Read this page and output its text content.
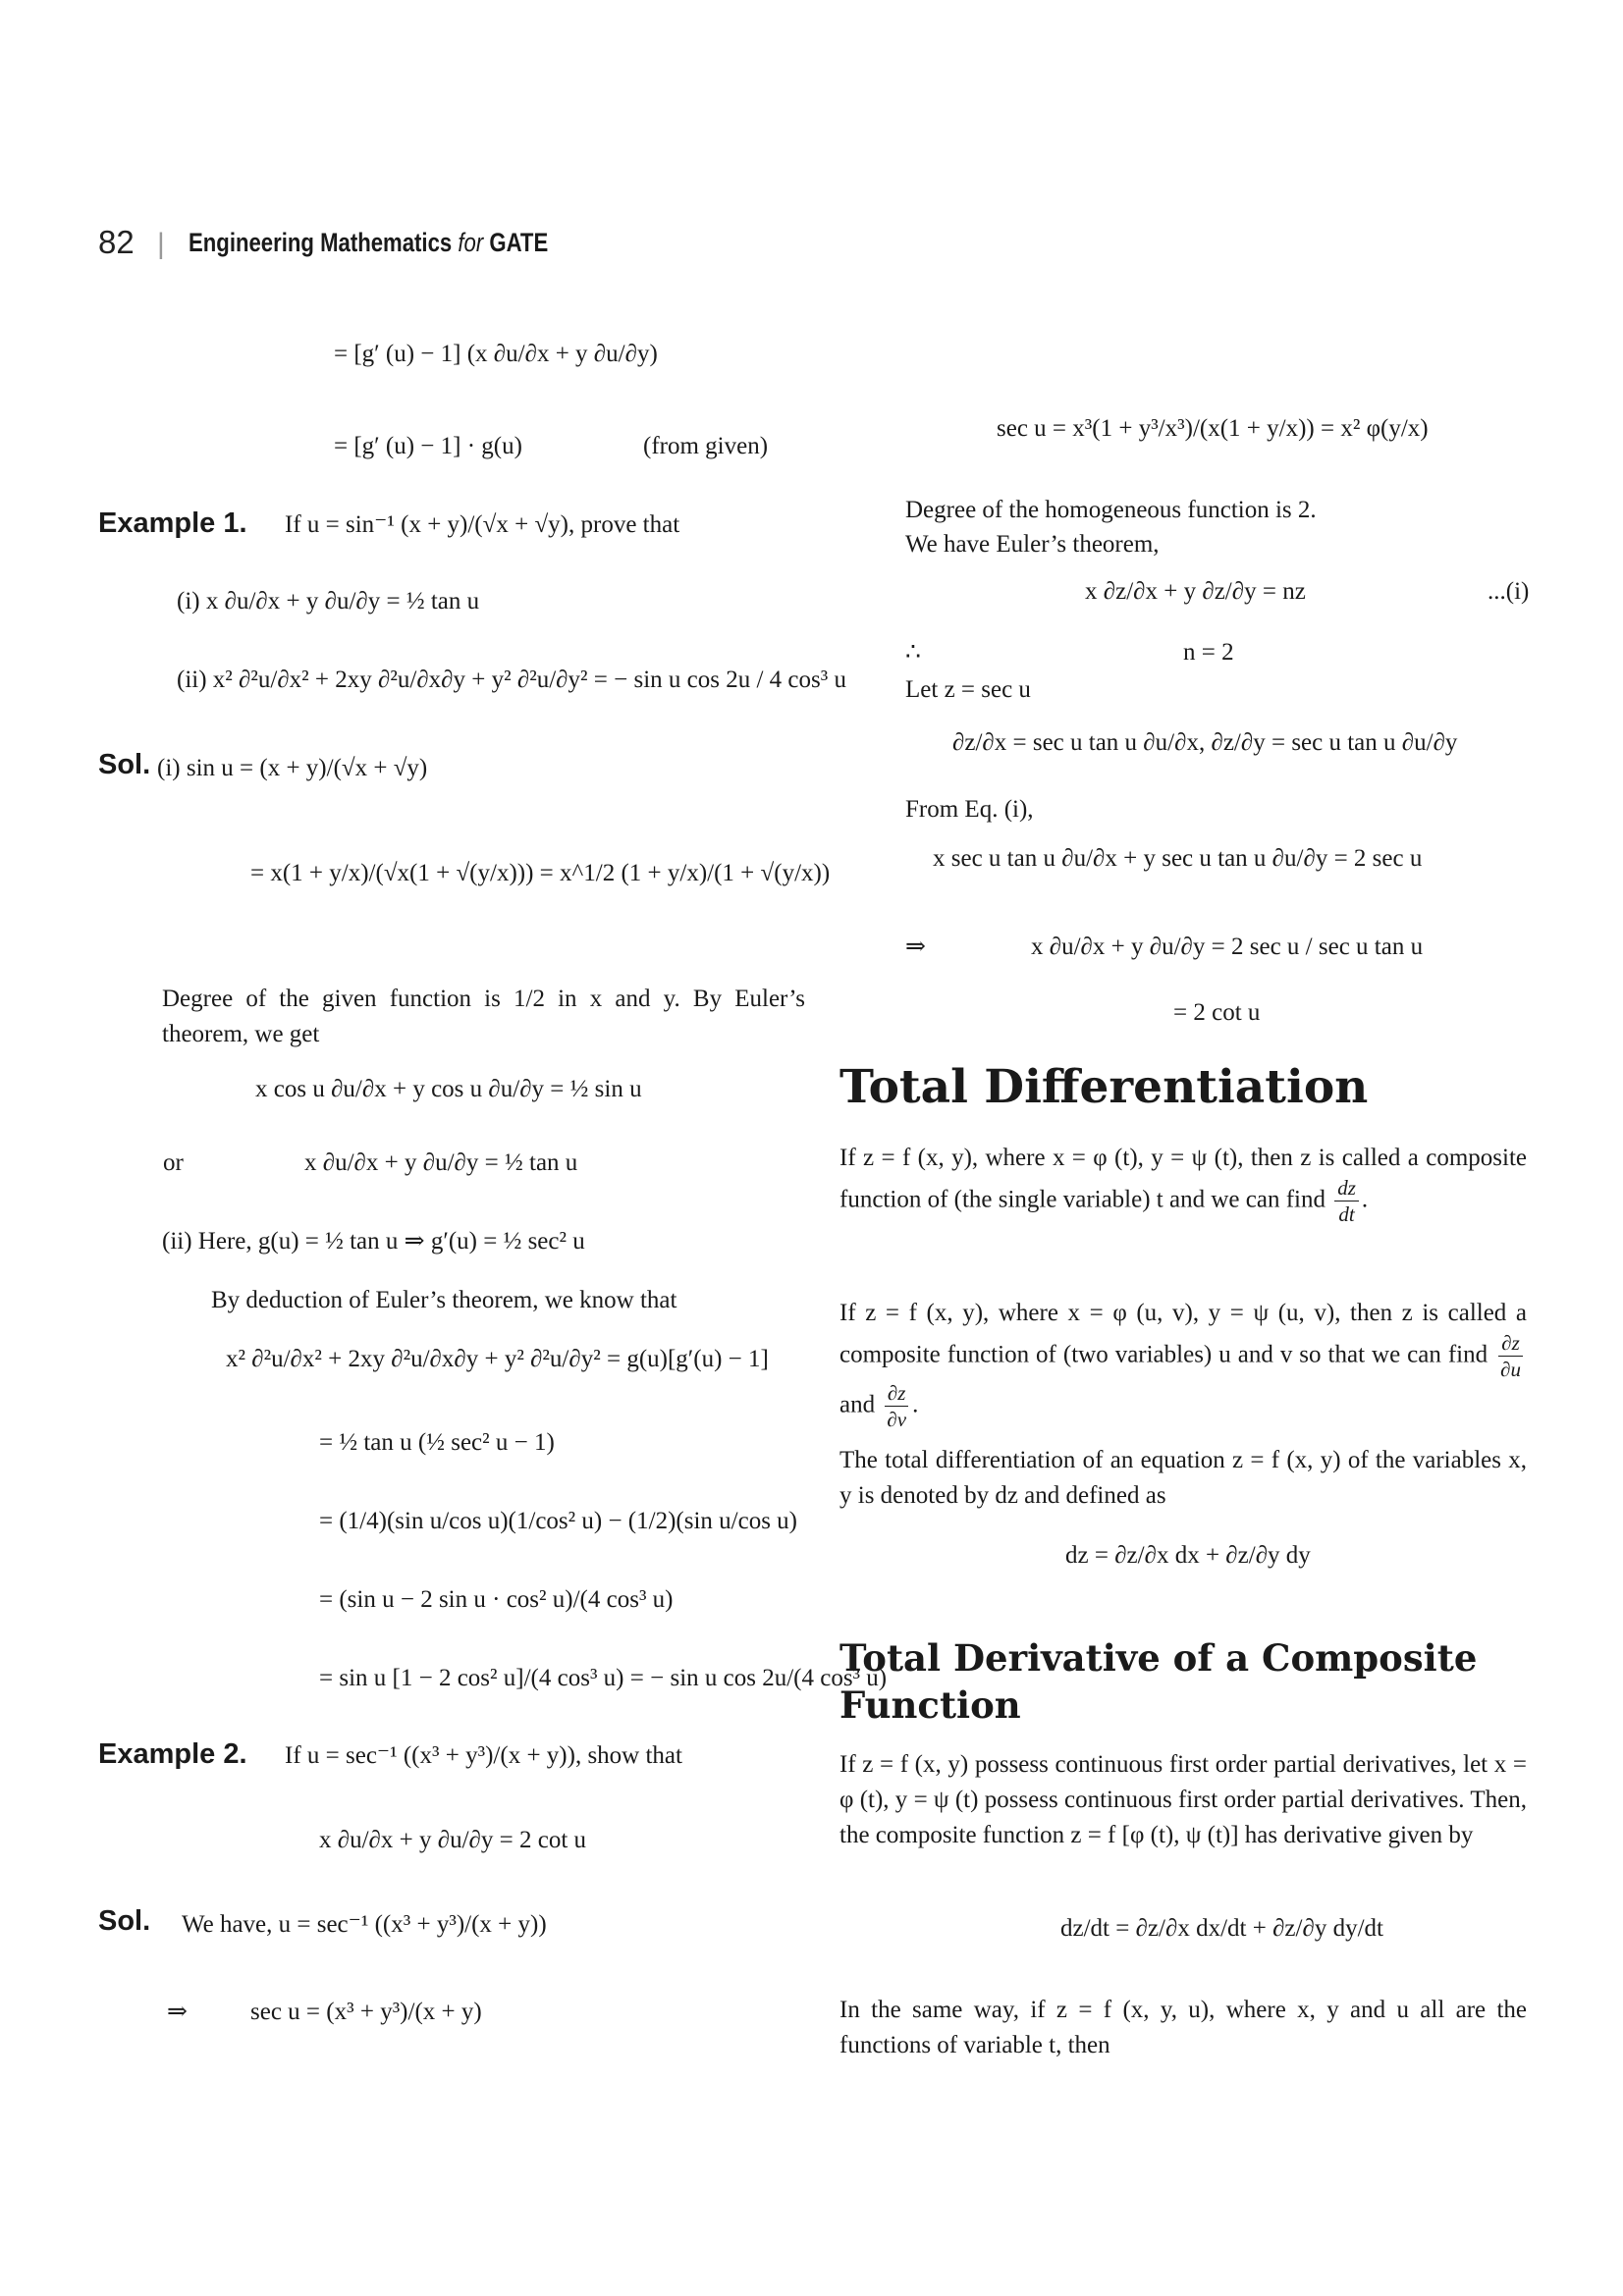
82 | Engineering Mathematics for GATE
= [g′ (u) − 1] (x ∂u/∂x + y ∂u/∂y)
= [g′ (u) − 1] · g(u)	(from given)
Example 1. If u = sin⁻¹ (x + y)/(√x + √y), prove that
(i) x ∂u/∂x + y ∂u/∂y = ½ tan u
(ii) x² ∂²u/∂x² + 2xy ∂²u/∂x∂y + y² ∂²u/∂y² = − sin u cos 2u / 4 cos³ u
Sol. (i) sin u = (x + y)/(√x + √y)
= x(1 + y/x)/(√x(1 + √(y/x))) = x^1/2 (1 + y/x)/(1 + √(y/x))
Degree of the given function is 1/2 in x and y. By Euler’s theorem, we get
x cos u ∂u/∂x + y cos u ∂u/∂y = ½ sin u
or	x ∂u/∂x + y ∂u/∂y = ½ tan u
(ii) Here, g(u) = ½ tan u ⇒ g′(u) = ½ sec² u
By deduction of Euler’s theorem, we know that
x² ∂²u/∂x² + 2xy ∂²u/∂x∂y + y² ∂²u/∂y² = g(u)[g′(u) − 1]
= ½ tan u (½ sec² u − 1)
= (1/4)(sin u/cos u)(1/cos² u) − (1/2)(sin u/cos u)
= (sin u − 2 sin u · cos² u)/(4 cos³ u)
= sin u [1 − 2 cos² u]/(4 cos³ u) = − sin u cos 2u/(4 cos³ u)
Example 2. If u = sec⁻¹ ((x³ + y³)/(x + y)), show that
x ∂u/∂x + y ∂u/∂y = 2 cot u
Sol. We have, u = sec⁻¹ ((x³ + y³)/(x + y))
⇒	sec u = (x³ + y³)/(x + y)
sec u = x³(1 + y³/x³)/(x(1 + y/x)) = x² φ(y/x)
Degree of the homogeneous function is 2.
We have Euler’s theorem,
x ∂z/∂x + y ∂z/∂y = nz	...(i)
∴	n = 2
Let z = sec u
∂z/∂x = sec u tan u ∂u/∂x, ∂z/∂y = sec u tan u ∂u/∂y
From Eq. (i),
x sec u tan u ∂u/∂x + y sec u tan u ∂u/∂y = 2 sec u
⇒	x ∂u/∂x + y ∂u/∂y = 2 sec u / sec u tan u
= 2 cot u
Total Differentiation
If z = f (x, y), where x = φ (t), y = ψ (t), then z is called a composite function of (the single variable) t and we can find $\frac{dz}{dt}$ .
If z = f (x, y), where x = φ (u, v), y = ψ (u, v), then z is called a composite function of (two variables) u and v so that we can find $\frac{\partial z}{\partial u}$
and $\frac{\partial z}{\partial v}$ .
The total differentiation of an equation z = f (x, y) of the variables x, y is denoted by dz and defined as
dz = ∂z/∂x dx + ∂z/∂y dy
Total Derivative of a Composite Function
If z = f (x, y) possess continuous first order partial derivatives, let x = φ (t), y = ψ (t) possess continuous first order partial derivatives. Then, the composite function z = f [φ (t), ψ (t)] has derivative given by
dz/dt = ∂z/∂x dx/dt + ∂z/∂y dy/dt
In the same way, if z = f (x, y, u), where x, y and u all are the functions of variable t, then
